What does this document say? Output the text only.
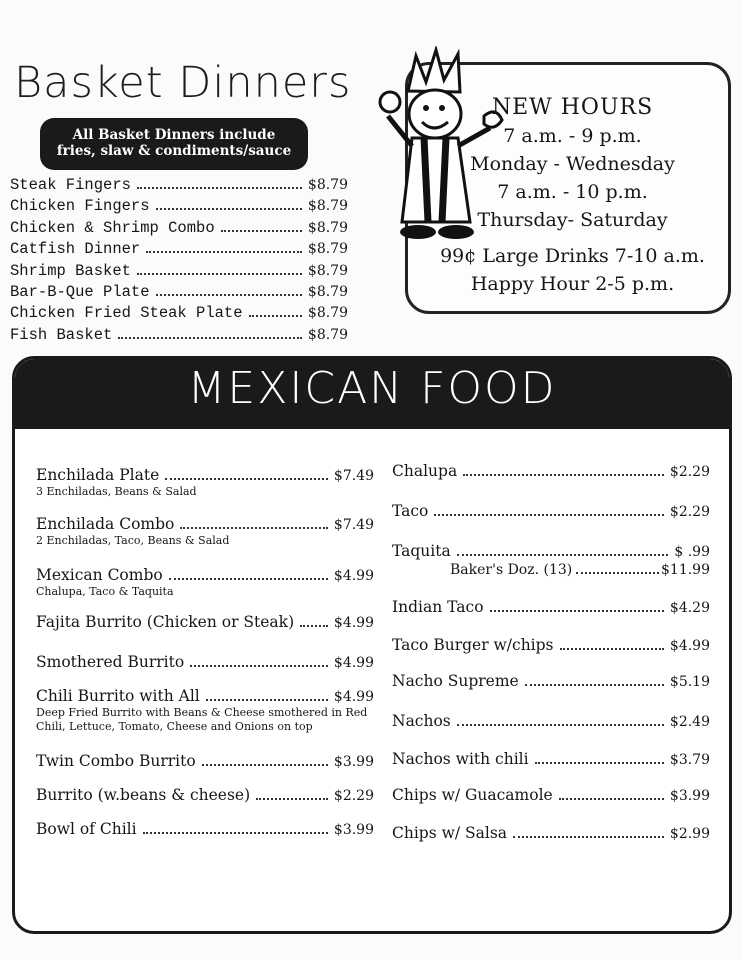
Basket Dinners
All Basket Dinners include
fries, slaw & condiments/sauce
Steak Fingers	$8.79
Chicken Fingers	$8.79
Chicken & Shrimp Combo	$8.79
Catfish Dinner	$8.79
Shrimp Basket	$8.79
Bar-B-Que Plate	$8.79
Chicken Fried Steak Plate	$8.79
Fish Basket	$8.79
NEW HOURS
7 a.m. - 9 p.m.
Monday - Wednesday
7 a.m. - 10 p.m.
Thursday- Saturday
99¢ Large Drinks 7-10 a.m.
Happy Hour 2-5 p.m.
MEXICAN FOOD
Enchilada Plate	$7.49
3 Enchiladas, Beans & Salad
Enchilada Combo	$7.49
2 Enchiladas, Taco, Beans & Salad
Mexican Combo	$4.99
Chalupa, Taco & Taquita
Fajita Burrito (Chicken or Steak)	$4.99
Smothered Burrito	$4.99
Chili Burrito with All	$4.99
Deep Fried Burrito with Beans & Cheese smothered in Red Chili, Lettuce, Tomato, Cheese and Onions on top
Twin Combo Burrito	$3.99
Burrito (w.beans & cheese)	$2.29
Bowl of Chili	$3.99
Chalupa	$2.29
Taco	$2.29
Taquita	$ .99
Baker's Doz. (13)	$11.99
Indian Taco	$4.29
Taco Burger w/chips	$4.99
Nacho Supreme	$5.19
Nachos	$2.49
Nachos with chili	$3.79
Chips w/ Guacamole	$3.99
Chips w/ Salsa	$2.99
